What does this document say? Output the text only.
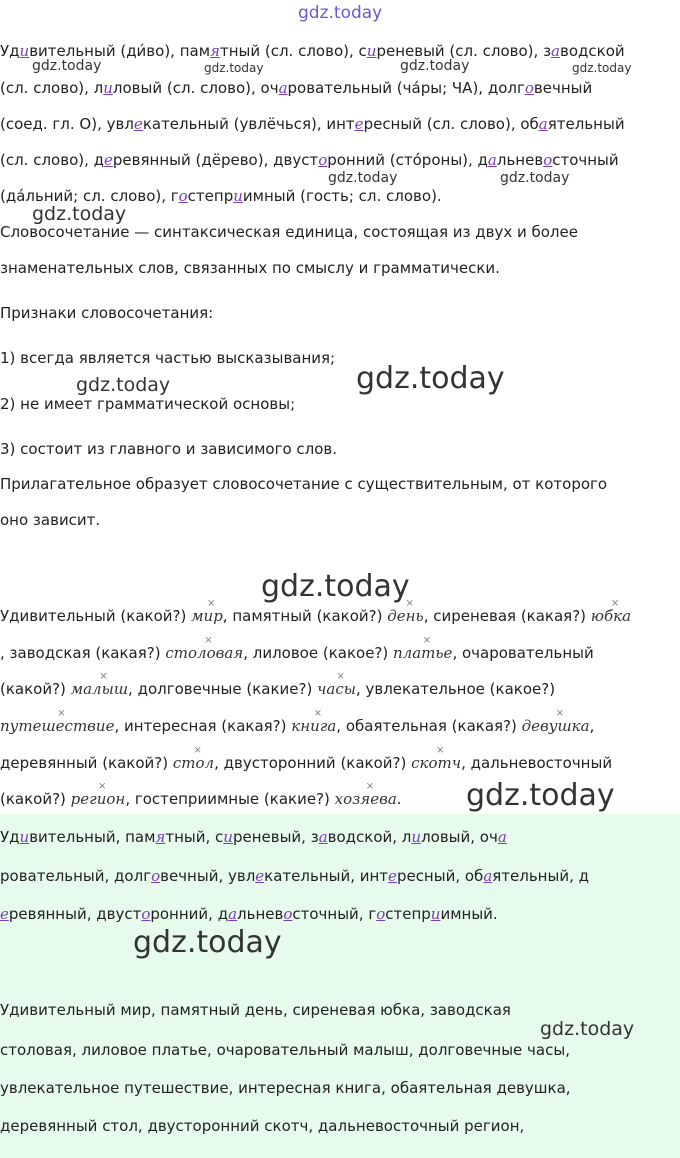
Удивительный (ди́во), памятный (сл. слово), сиреневый (сл. слово), заводской
(сл. слово), лиловый (сл. слово), очаровательный (ча́ры; ЧА), долговечный
(соед. гл. О), увлекательный (увлёчься), интересный (сл. слово), обаятельный
(сл. слово), деревянный (дёрево), двусторонний (сто́роны), дальневосточный
(да́льний; сл. слово), гостеприимный (гость; сл. слово).
Словосочетание — синтаксическая единица, состоящая из двух и более
знаменательных слов, связанных по смыслу и грамматически.
Признаки словосочетания:
1) всегда является частью высказывания;
2) не имеет грамматической основы;
3) состоит из главного и зависимого слов.
Прилагательное образует словосочетание с существительным, от которого
оно зависит.
Удивительный (какой?) мир
×
, памятный (какой?) день
×
, сиреневая (какая?) юбка
×
, заводская (какая?) столовая
×
, лиловое (какое?) платье
×
, очаровательный
(какой?) малыш
×
, долговечные (какие?) часы
×
, увлекательное (какое?)
путешествие
×
, интересная (какая?) книга
×
, обаятельная (какая?) девушка
×
,
деревянный (какой?) стол
×
, двусторонний (какой?) скотч
×
, дальневосточный
(какой?) регион
×
, гостеприимные (какие?) хозяева
×
.
Удивительный, памятный, сиреневый, заводской, лиловый, оча
ровательный, долговечный, увлекательный, интересный, обаятельный, д
еревянный, двусторонний, дальневосточный, гостеприимный.
Удивительный мир, памятный день, сиреневая юбка, заводская
столовая, лиловое платье, очаровательный малыш, долговечные часы,
увлекательное путешествие, интересная книга, обаятельная девушка,
деревянный стол, двусторонний скотч, дальневосточный регион,
gdz.today
gdz.today	gdz.today	gdz.today	gdz.today
gdz.today	gdz.today
gdz.today
gdz.today	gdz.today
gdz.today
gdz.today
gdz.today
gdz.today
